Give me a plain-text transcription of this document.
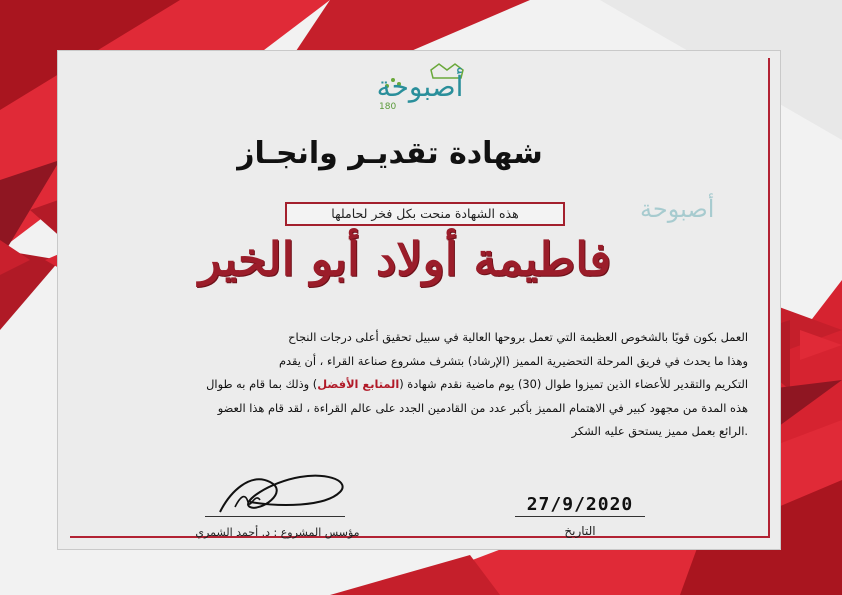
أصبوحة
180
أصبوحة
شهادة تقديـر وانجـاز
هذه الشهادة منحت بكل فخر لحاملها
فاطيمة أولاد أبو الخير
العمل بكون قويًا بالشخوص العظيمة التي تعمل بروحها العالية في سبيل تحقيق أعلى درجات النجاح
وهذا ما يحدث في فريق المرحلة التحضيرية المميز (الإرشاد) بتشرف مشروع صناعة القراء ، أن يقدم
التكريم والتقدير للأعضاء الذين تميزوا طوال (30) يوم ماضية نقدم شهادة (المتابع الأفضل) وذلك بما قام به طوال
هذه المدة من مجهود كبير في الاهتمام المميز بأكبر عدد من القادمين الجدد على عالم القراءة ، لقد قام هذا العضو
.الرائع بعمل مميز يستحق عليه الشكر
27/9/2020
التاريخ
مؤسس المشروع : د. أحمد الشمري
